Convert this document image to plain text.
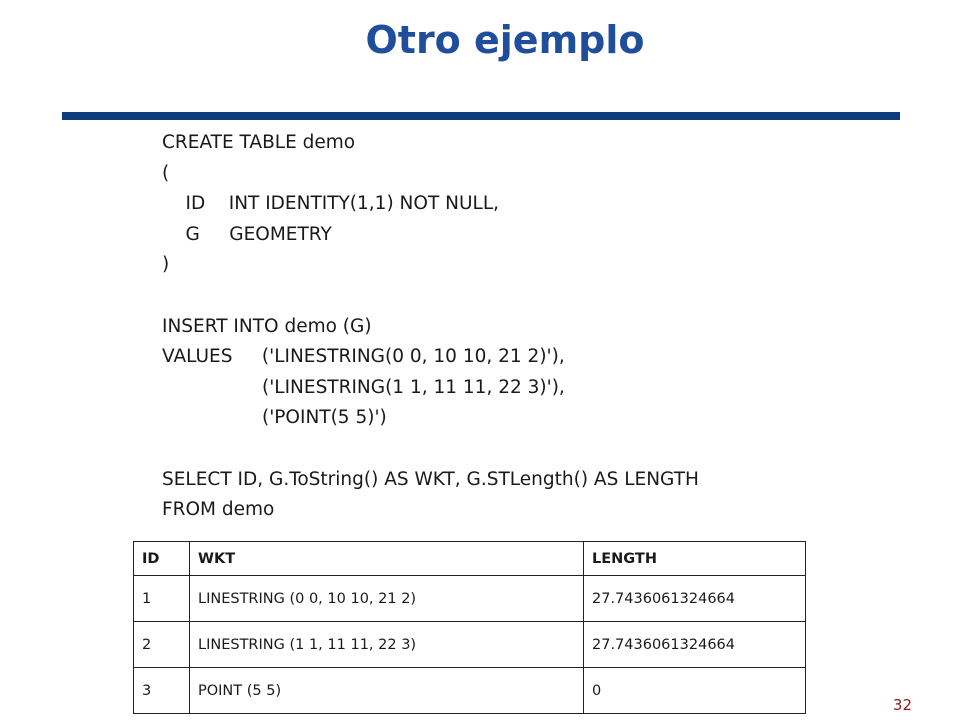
Otro ejemplo
CREATE TABLE demo
(
ID    INT IDENTITY(1,1) NOT NULL,
G     GEOMETRY
)
INSERT INTO demo (G)
VALUES     ('LINESTRING(0 0, 10 10, 21 2)'),
('LINESTRING(1 1, 11 11, 22 3)'),
('POINT(5 5)')
SELECT ID, G.ToString() AS WKT, G.STLength() AS LENGTH
FROM demo
ID	WKT	LENGTH
1	LINESTRING (0 0, 10 10, 21 2)	27.7436061324664
2	LINESTRING (1 1, 11 11, 22 3)	27.7436061324664
3	POINT (5 5)	0
32
